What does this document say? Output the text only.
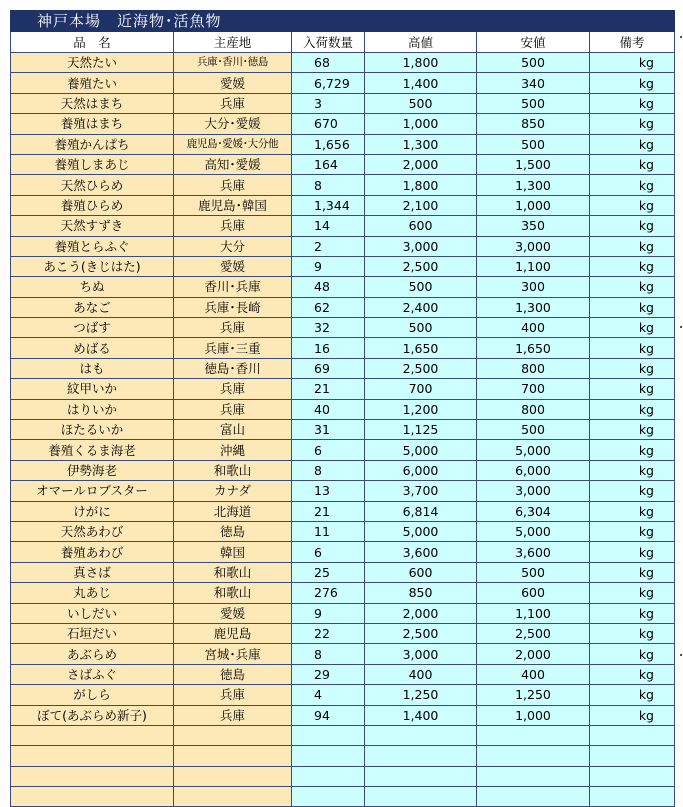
神戸本場　近海物･活魚物					
品　名	主産地	入荷数量	高値	安値	備考
天然たい	兵庫･香川･徳島	68	1,800	500	kg
養殖たい	愛媛	6,729	1,400	340	kg
天然はまち	兵庫	3	500	500	kg
養殖はまち	大分･愛媛	670	1,000	850	kg
養殖かんぱち	鹿児島･愛媛･大分他	1,656	1,300	500	kg
養殖しまあじ	高知･愛媛	164	2,000	1,500	kg
天然ひらめ	兵庫	8	1,800	1,300	kg
養殖ひらめ	鹿児島･韓国	1,344	2,100	1,000	kg
天然すずき	兵庫	14	600	350	kg
養殖とらふぐ	大分	2	3,000	3,000	kg
あこう(きじはた)	愛媛	9	2,500	1,100	kg
ちぬ	香川･兵庫	48	500	300	kg
あなご	兵庫･長崎	62	2,400	1,300	kg
つばす	兵庫	32	500	400	kg
めばる	兵庫･三重	16	1,650	1,650	kg
はも	徳島･香川	69	2,500	800	kg
紋甲いか	兵庫	21	700	700	kg
はりいか	兵庫	40	1,200	800	kg
ほたるいか	富山	31	1,125	500	kg
養殖くるま海老	沖縄	6	5,000	5,000	kg
伊勢海老	和歌山	8	6,000	6,000	kg
オマールロブスター	カナダ	13	3,700	3,000	kg
けがに	北海道	21	6,814	6,304	kg
天然あわび	徳島	11	5,000	5,000	kg
養殖あわび	韓国	6	3,600	3,600	kg
真さば	和歌山	25	600	500	kg
丸あじ	和歌山	276	850	600	kg
いしだい	愛媛	9	2,000	1,100	kg
石垣だい	鹿児島	22	2,500	2,500	kg
あぶらめ	宮城･兵庫	8	3,000	2,000	kg
さばふぐ	徳島	29	400	400	kg
がしら	兵庫	4	1,250	1,250	kg
ぼて(あぶらめ新子)	兵庫	94	1,400	1,000	kg
